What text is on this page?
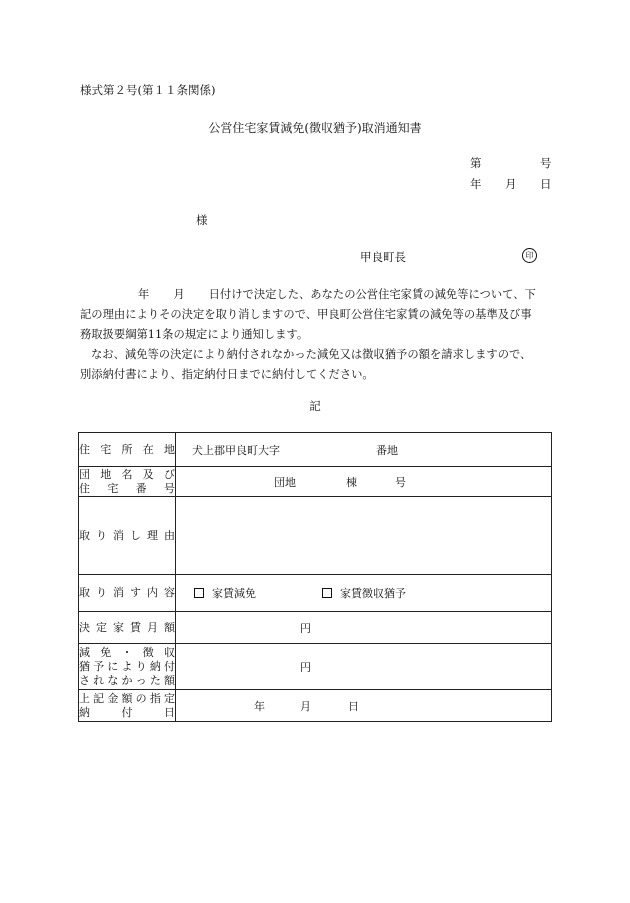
様式第２号(第１１条関係)
公営住宅家賃減免(徴収猶予)取消通知書
第	号
年 月 日
様
甲良町長	印

年 月 日付けで決定した、あなたの公営住宅家賃の減免等について、下

記の理由によりその決定を取り消しますので、甲良町公営住宅家賃の減免等の基準及び事

務取扱要綱第11条の規定により通知します。

なお、減免等の決定により納付されなかった減免又は徴収猶予の額を請求しますので、

別添納付書により、指定納付日までに納付してください。

記
住宅所在地	犬上郡甲良町大字 番地

団地名及び
住宅番号	団地 棟 号

取り消し理由	

取り消す内容	家賃減免 家賃徴収猶予

決定家賃月額	円

減免・徴収
猶予により納付
されなかった額	円

上記金額の指定
納付日	年 月 日
